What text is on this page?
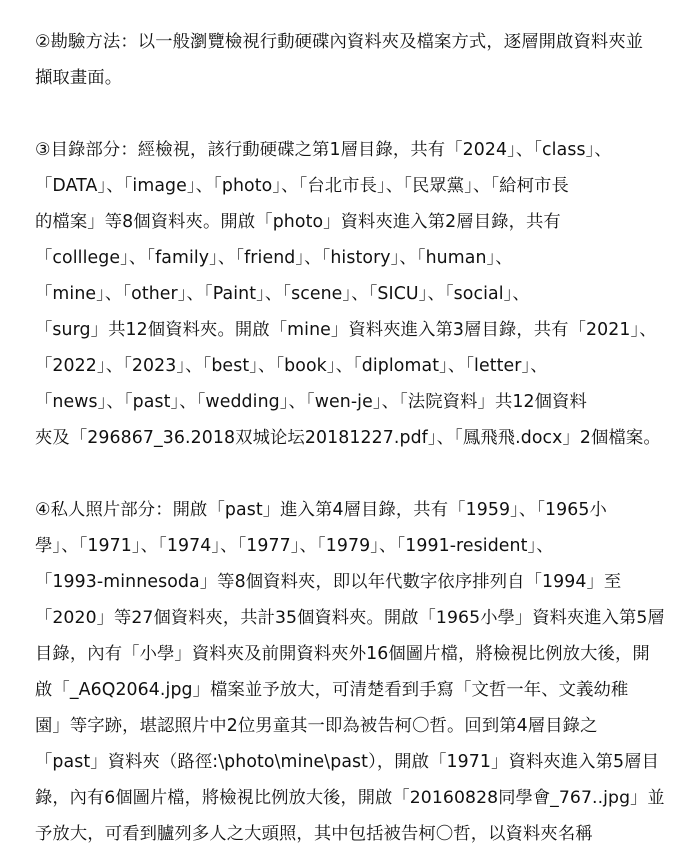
②勘驗方法：以一般瀏覽檢視行動硬碟內資料夾及檔案方式，逐層開啟資料夾並
擷取畫面。
③目錄部分：經檢視，該行動硬碟之第1層目錄，共有「2024」、「class」、
「DATA」、「image」、「photo」、「台北市長」、「民眾黨」、「給柯市長
的檔案」等8個資料夾。開啟「photo」資料夾進入第2層目錄，共有
「colllege」、「family」、「friend」、「history」、「human」、
「mine」、「other」、「Paint」、「scene」、「SICU」、「social」、
「surg」共12個資料夾。開啟「mine」資料夾進入第3層目錄，共有「2021」、
「2022」、「2023」、「best」、「book」、「diplomat」、「letter」、
「news」、「past」、「wedding」、「wen-je」、「法院資料」共12個資料
夾及「296867_36.2018双城论坛20181227.pdf」、「鳳飛飛.docx」2個檔案。
④私人照片部分：開啟「past」進入第4層目錄，共有「1959」、「1965小
學」、「1971」、「1974」、「1977」、「1979」、「1991-resident」、
「1993-minnesoda」等8個資料夾，即以年代數字依序排列自「1994」至
「2020」等27個資料夾，共計35個資料夾。開啟「1965小學」資料夾進入第5層
目錄，內有「小學」資料夾及前開資料夾外16個圖片檔，將檢視比例放大後，開
啟「_A6Q2064.jpg」檔案並予放大，可清楚看到手寫「文哲一年、文義幼稚
園」等字跡，堪認照片中2位男童其一即為被告柯〇哲。回到第4層目錄之
「past」資料夾（路徑:\photo\mine\past），開啟「1971」資料夾進入第5層目
錄，內有6個圖片檔，將檢視比例放大後，開啟「20160828同學會_767..jpg」並
予放大，可看到臚列多人之大頭照，其中包括被告柯〇哲，以資料夾名稱
